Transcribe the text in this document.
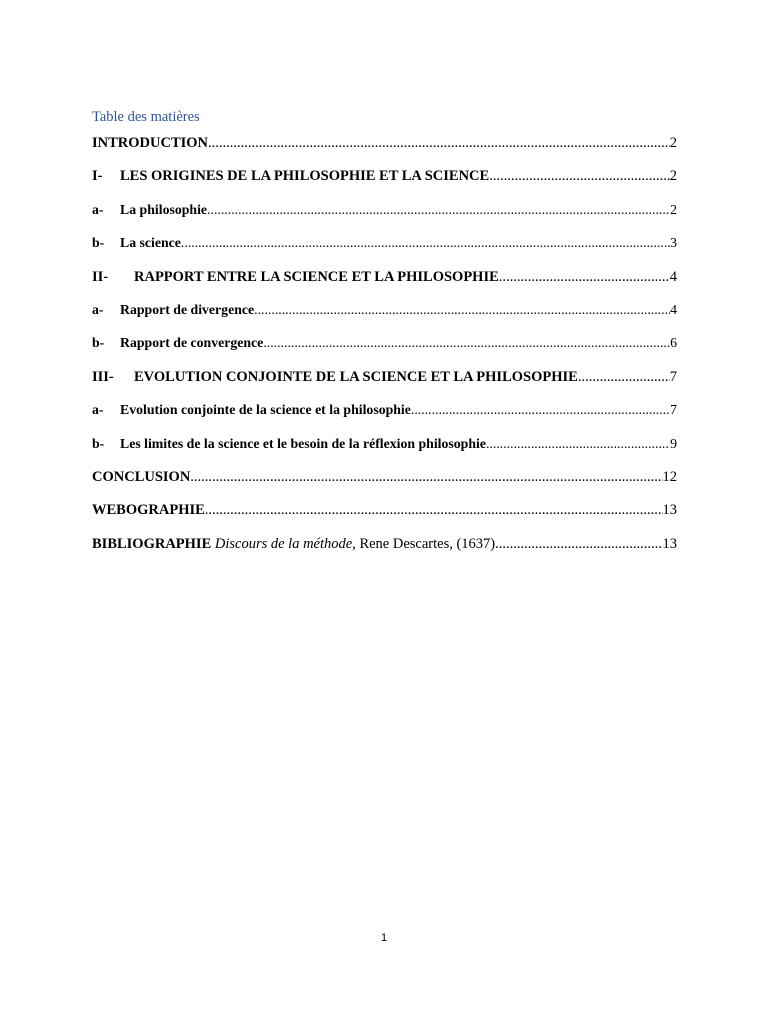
Table des matières
INTRODUCTION .....	2
I-	LES ORIGINES DE LA PHILOSOPHIE ET LA SCIENCE .....	2
a-	La philosophie .....	2
b-	La science .....	3
II-	RAPPORT ENTRE LA SCIENCE ET LA PHILOSOPHIE .....	4
a-	Rapport de divergence .....	4
b-	Rapport de convergence .....	6
III-	EVOLUTION CONJOINTE DE LA SCIENCE ET LA PHILOSOPHIE .....	7
a-	Evolution conjointe de la science et la philosophie .....	7
b-	Les limites de la science et le besoin de la réflexion philosophie .....	9
CONCLUSION .....	12
WEBOGRAPHIE .....	13
BIBLIOGRAPHIE Discours de la méthode, Rene Descartes, (1637) .....	13
1
